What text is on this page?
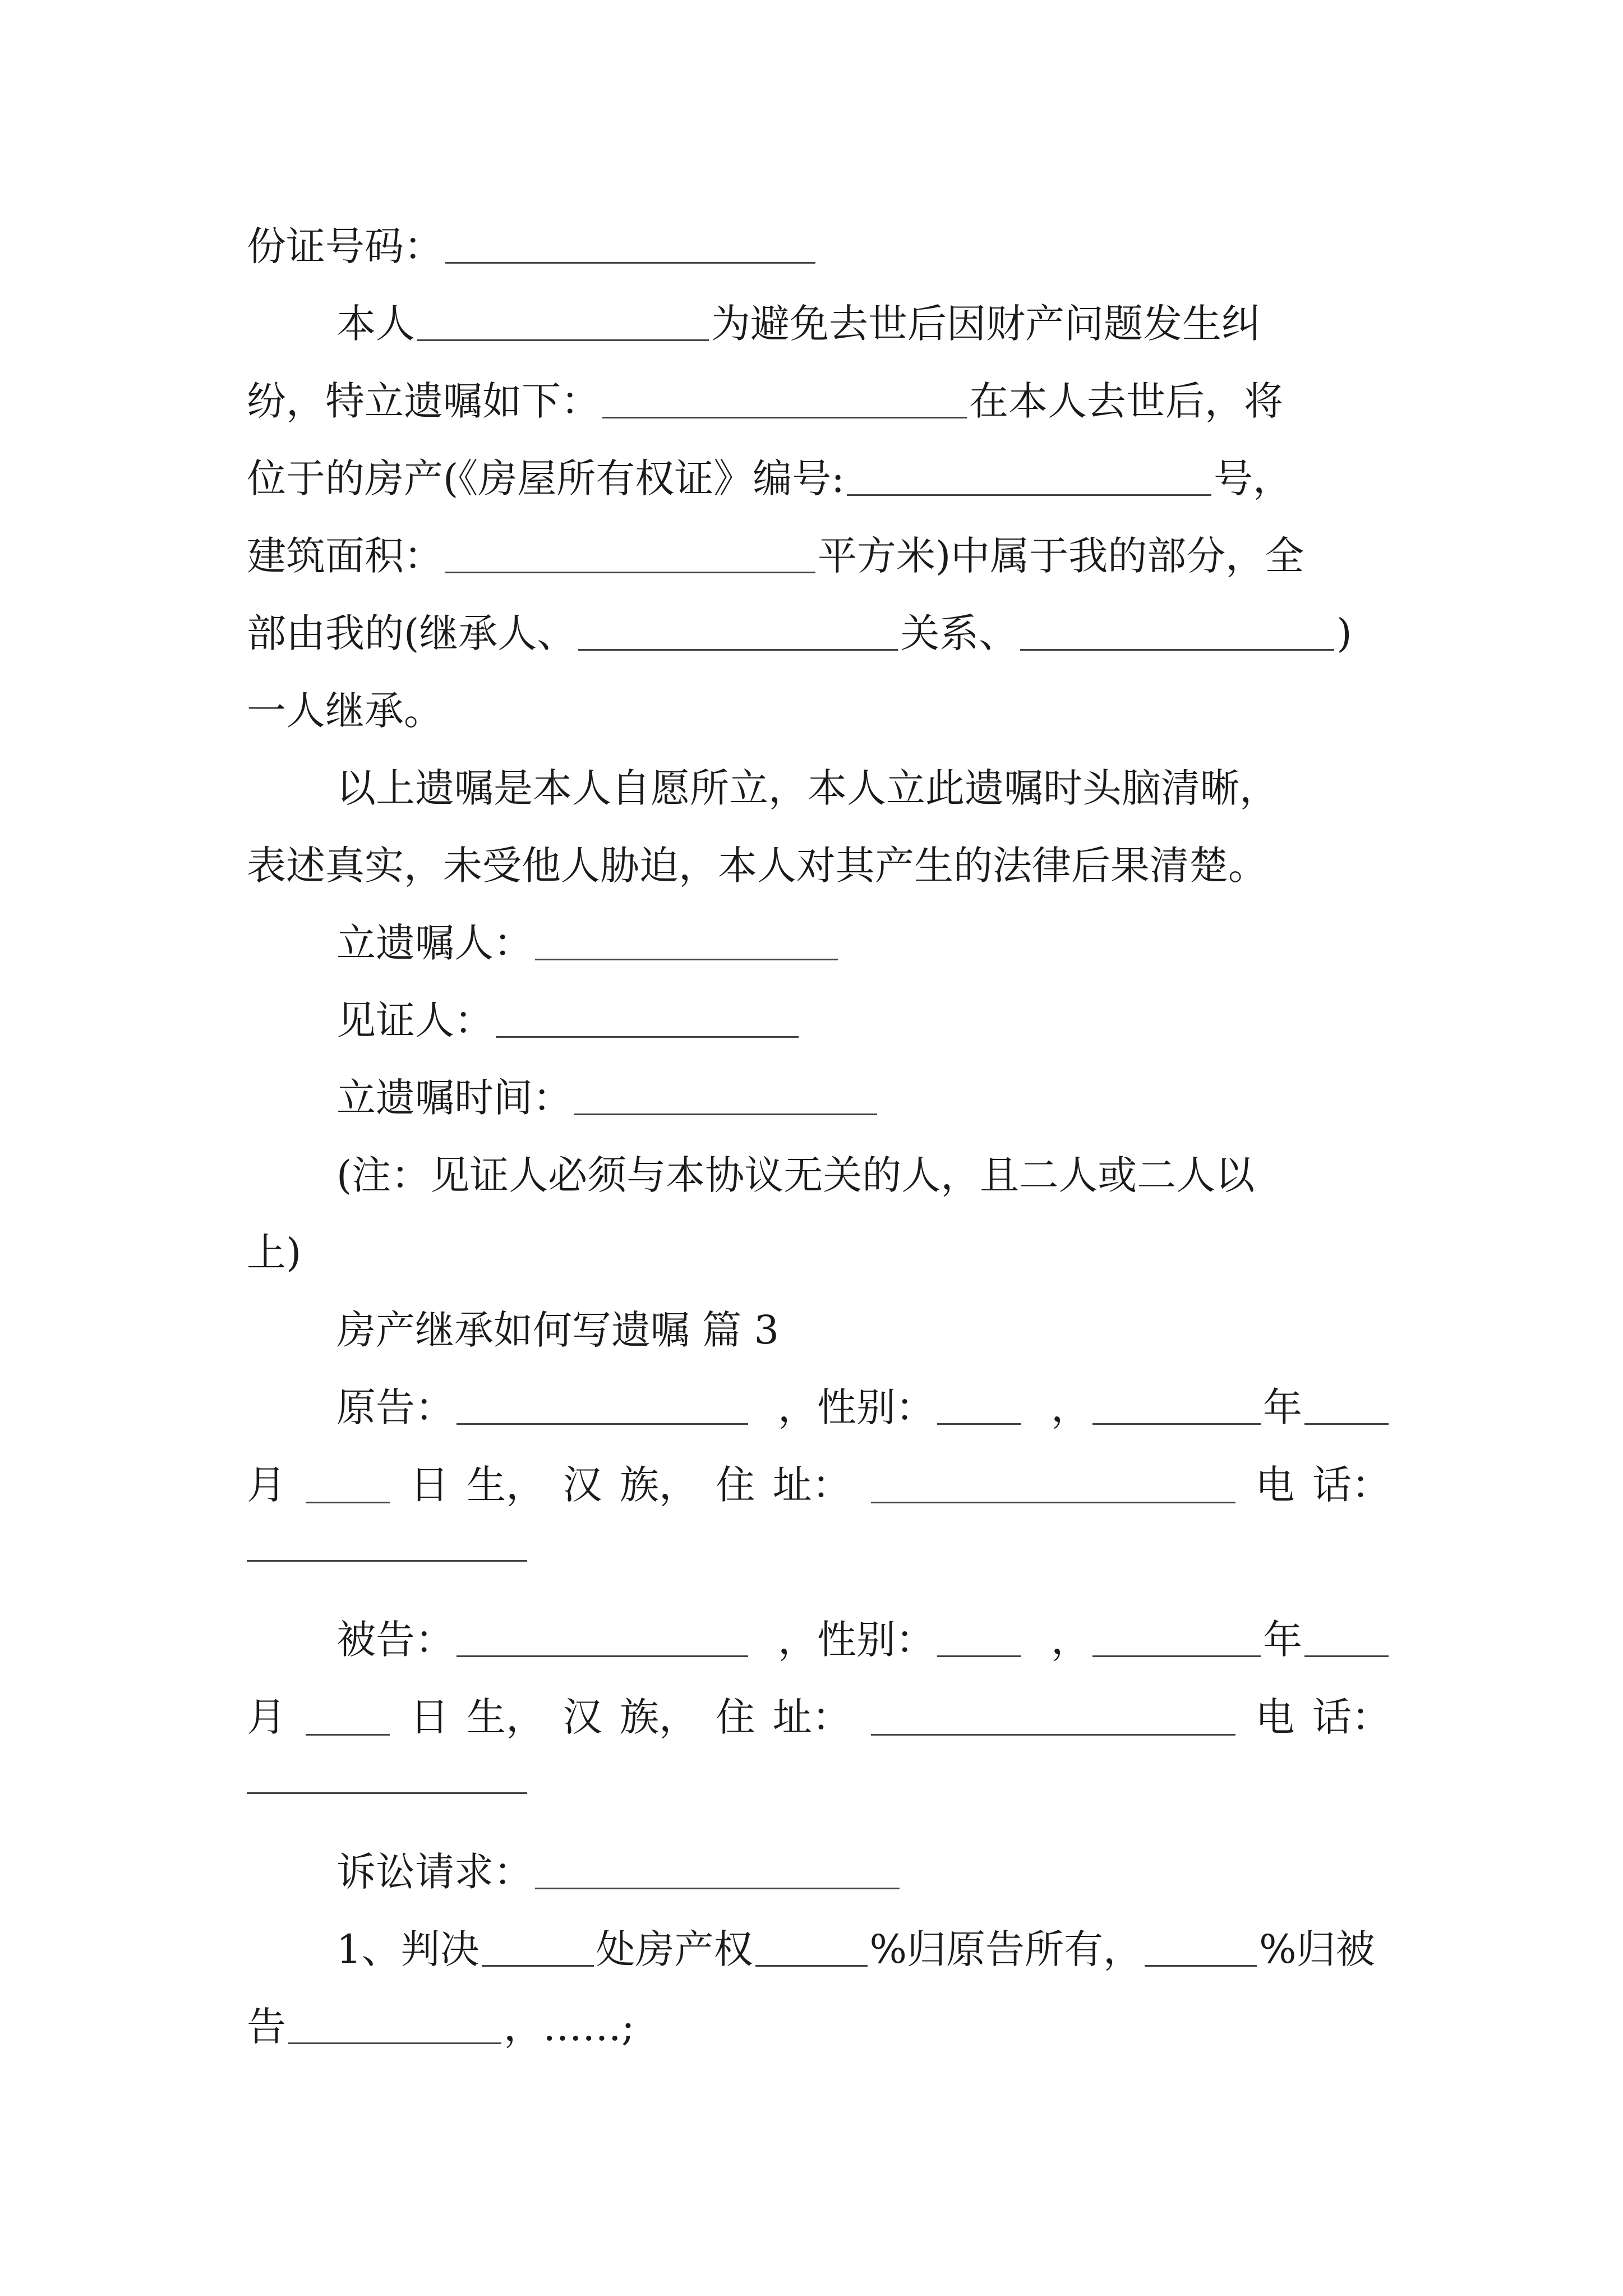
份证号码：
本人	为避免去世后因财产问题发生纠
纷，特立遗嘱如下：	在本人去世后，将
位于的房产(《房屋所有权证》编号:	号，
建筑面积：	平方米)中属于我的部分，全
部由我的(继承人、	关系、	)
一人继承。
以上遗嘱是本人自愿所立，本人立此遗嘱时头脑清晰，
表述真实，未受他人胁迫，本人对其产生的法律后果清楚。
立遗嘱人：
见证人：
立遗嘱时间：
(注：见证人必须与本协议无关的人，且二人或二人以
上)
房产继承如何写遗嘱 篇 3
原告：	，性别：	，	年
月	日 生， 汉 族， 住 址：	电 话：
被告：	，性别：	，	年
月	日 生， 汉 族， 住 址：	电 话：
诉讼请求：
1、判决	处房产权	%归原告所有，	%归被
告	，……;
